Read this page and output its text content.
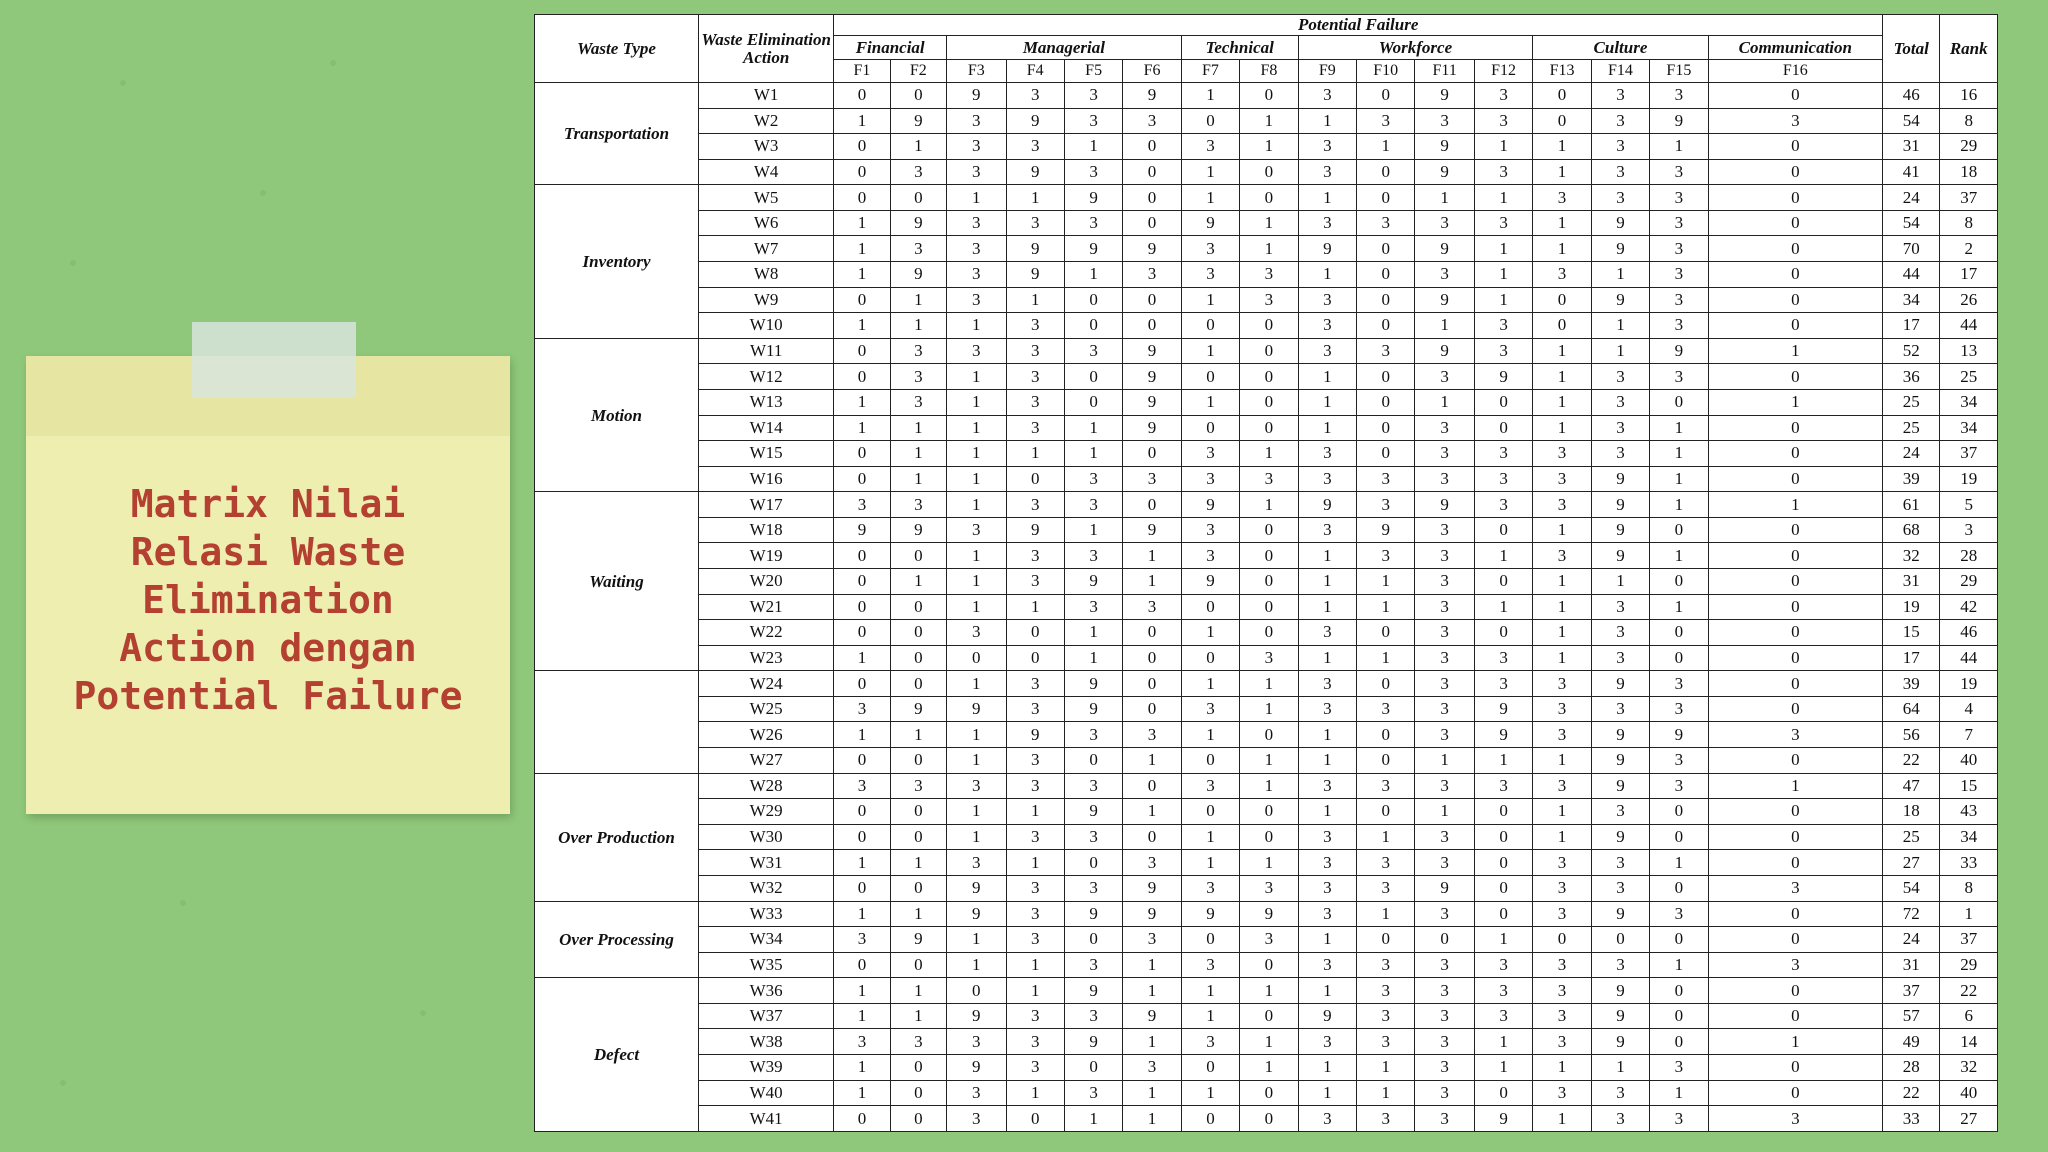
Matrix Nilai Relasi Waste Elimination Action dengan Potential Failure
Waste Type	Waste Elimination Action	Potential Failure																Total	Rank
		Financial		Managerial				Technical		Workforce				Culture			Communication		
		F1	F2	F3	F4	F5	F6	F7	F8	F9	F10	F11	F12	F13	F14	F15	F16		
Transportation	W1	0	0	9	3	3	9	1	0	3	0	9	3	0	3	3	0	46	16
	W2	1	9	3	9	3	3	0	1	1	3	3	3	0	3	9	3	54	8
	W3	0	1	3	3	1	0	3	1	3	1	9	1	1	3	1	0	31	29
	W4	0	3	3	9	3	0	1	0	3	0	9	3	1	3	3	0	41	18
Inventory	W5	0	0	1	1	9	0	1	0	1	0	1	1	3	3	3	0	24	37
	W6	1	9	3	3	3	0	9	1	3	3	3	3	1	9	3	0	54	8
	W7	1	3	3	9	9	9	3	1	9	0	9	1	1	9	3	0	70	2
	W8	1	9	3	9	1	3	3	3	1	0	3	1	3	1	3	0	44	17
	W9	0	1	3	1	0	0	1	3	3	0	9	1	0	9	3	0	34	26
	W10	1	1	1	3	0	0	0	0	3	0	1	3	0	1	3	0	17	44
Motion	W11	0	3	3	3	3	9	1	0	3	3	9	3	1	1	9	1	52	13
	W12	0	3	1	3	0	9	0	0	1	0	3	9	1	3	3	0	36	25
	W13	1	3	1	3	0	9	1	0	1	0	1	0	1	3	0	1	25	34
	W14	1	1	1	3	1	9	0	0	1	0	3	0	1	3	1	0	25	34
	W15	0	1	1	1	1	0	3	1	3	0	3	3	3	3	1	0	24	37
	W16	0	1	1	0	3	3	3	3	3	3	3	3	3	9	1	0	39	19
Waiting	W17	3	3	1	3	3	0	9	1	9	3	9	3	3	9	1	1	61	5
	W18	9	9	3	9	1	9	3	0	3	9	3	0	1	9	0	0	68	3
	W19	0	0	1	3	3	1	3	0	1	3	3	1	3	9	1	0	32	28
	W20	0	1	1	3	9	1	9	0	1	1	3	0	1	1	0	0	31	29
	W21	0	0	1	1	3	3	0	0	1	1	3	1	1	3	1	0	19	42
	W22	0	0	3	0	1	0	1	0	3	0	3	0	1	3	0	0	15	46
	W23	1	0	0	0	1	0	0	3	1	1	3	3	1	3	0	0	17	44
	W24	0	0	1	3	9	0	1	1	3	0	3	3	3	9	3	0	39	19
	W25	3	9	9	3	9	0	3	1	3	3	3	9	3	3	3	0	64	4
	W26	1	1	1	9	3	3	1	0	1	0	3	9	3	9	9	3	56	7
	W27	0	0	1	3	0	1	0	1	1	0	1	1	1	9	3	0	22	40
Over Production	W28	3	3	3	3	3	0	3	1	3	3	3	3	3	9	3	1	47	15
	W29	0	0	1	1	9	1	0	0	1	0	1	0	1	3	0	0	18	43
	W30	0	0	1	3	3	0	1	0	3	1	3	0	1	9	0	0	25	34
	W31	1	1	3	1	0	3	1	1	3	3	3	0	3	3	1	0	27	33
	W32	0	0	9	3	3	9	3	3	3	3	9	0	3	3	0	3	54	8
Over Processing	W33	1	1	9	3	9	9	9	9	3	1	3	0	3	9	3	0	72	1
	W34	3	9	1	3	0	3	0	3	1	0	0	1	0	0	0	0	24	37
	W35	0	0	1	1	3	1	3	0	3	3	3	3	3	3	1	3	31	29
Defect	W36	1	1	0	1	9	1	1	1	1	3	3	3	3	9	0	0	37	22
	W37	1	1	9	3	3	9	1	0	9	3	3	3	3	9	0	0	57	6
	W38	3	3	3	3	9	1	3	1	3	3	3	1	3	9	0	1	49	14
	W39	1	0	9	3	0	3	0	1	1	1	3	1	1	1	3	0	28	32
	W40	1	0	3	1	3	1	1	0	1	1	3	0	3	3	1	0	22	40
	W41	0	0	3	0	1	1	0	0	3	3	3	9	1	3	3	3	33	27
